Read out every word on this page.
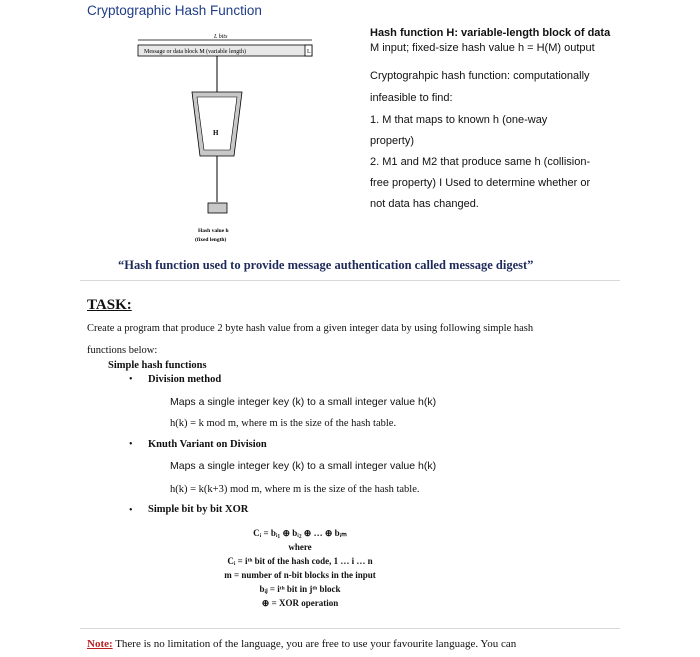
Cryptographic Hash Function
L bits
Message or data block M (variable length)	L
H
Hash value h
(fixed length)
Hash function H: variable-length block of data
M input; fixed-size hash value h = H(M) output
Cryptograhpic hash function: computationally
infeasible to find:
1. M that maps to known h (one-way
property)
2. M1 and M2 that produce same h (collision-
free property) I Used to determine whether or
not data has changed.
“Hash function used to provide message authentication called message digest”
TASK:
Create a program that produce 2 byte hash value from a given integer data by using following simple hash
functions below:
Simple hash functions
• Division method
Maps a single integer key (k) to a small integer value h(k)
h(k) = k mod m, where m is the size of the hash table.
• Knuth Variant on Division
Maps a single integer key (k) to a small integer value h(k)
h(k) = k(k+3) mod m, where m is the size of the hash table.
• Simple bit by bit XOR
Cᵢ = bᵢ₁ ⊕ bᵢ₂ ⊕ … ⊕ bᵢₘ
where
Cᵢ = iᵗʰ bit of the hash code, 1 … i … n
m = number of n-bit blocks in the input
bᵢⱼ = iᵗʰ bit in jᵗʰ block
⊕ = XOR operation
Note: There is no limitation of the language, you are free to use your favourite language. You can
